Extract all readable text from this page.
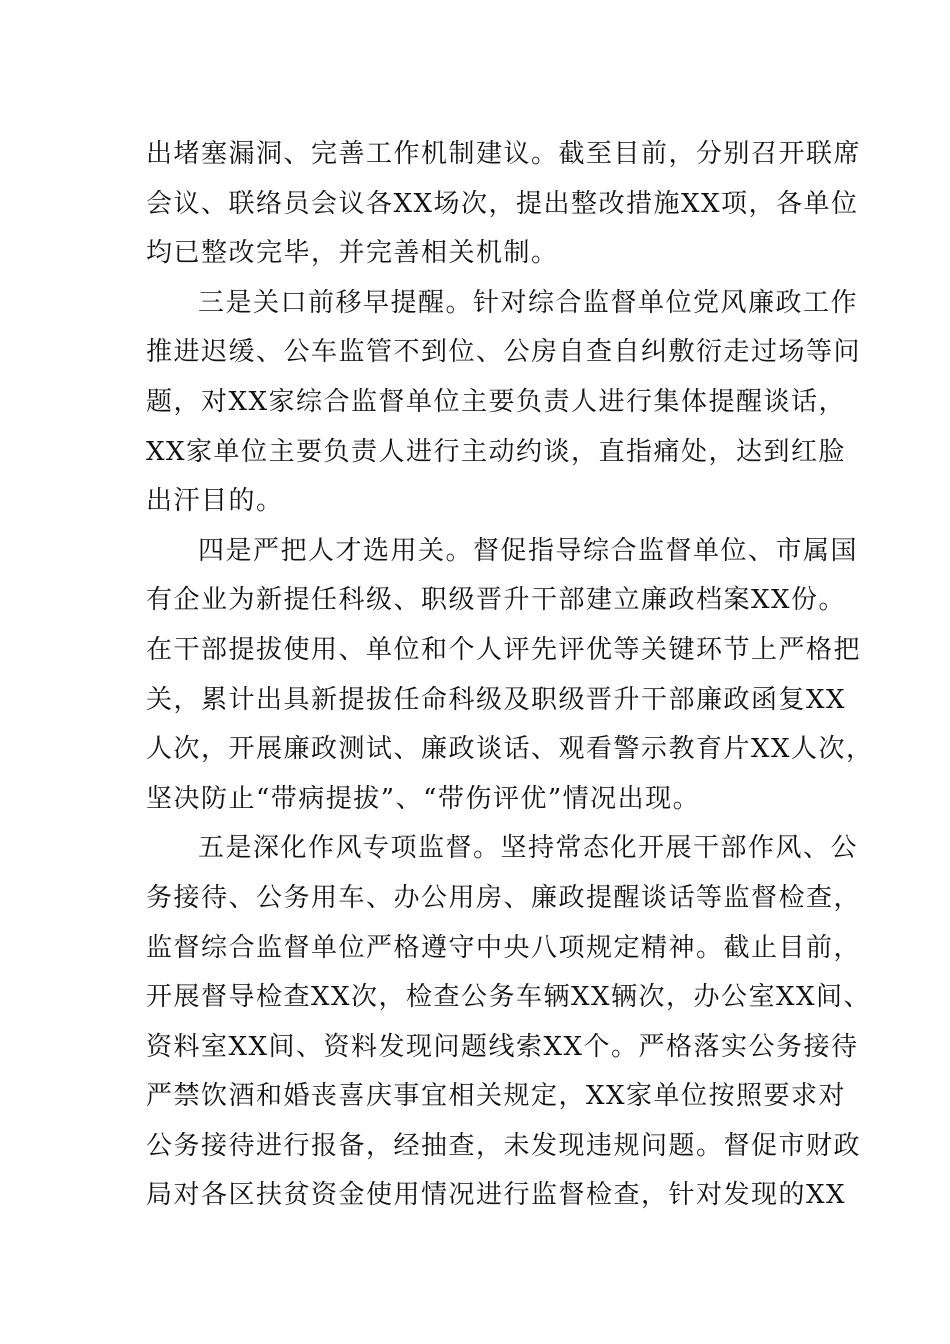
出堵塞漏洞、完善工作机制建议。截至目前，分别召开联席
会议、联络员会议各XX场次，提出整改措施XX项，各单位
均已整改完毕，并完善相关机制。
三是关口前移早提醒。针对综合监督单位党风廉政工作
推进迟缓、公车监管不到位、公房自查自纠敷衍走过场等问
题，对XX家综合监督单位主要负责人进行集体提醒谈话，
XX家单位主要负责人进行主动约谈，直指痛处，达到红脸
出汗目的。
四是严把人才选用关。督促指导综合监督单位、市属国
有企业为新提任科级、职级晋升干部建立廉政档案XX份。
在干部提拔使用、单位和个人评先评优等关键环节上严格把
关，累计出具新提拔任命科级及职级晋升干部廉政函复XX
人次，开展廉政测试、廉政谈话、观看警示教育片XX人次，
坚决防止“带病提拔”、“带伤评优”情况出现。
五是深化作风专项监督。坚持常态化开展干部作风、公
务接待、公务用车、办公用房、廉政提醒谈话等监督检查，
监督综合监督单位严格遵守中央八项规定精神。截止目前，
开展督导检查XX次，检查公务车辆XX辆次，办公室XX间、
资料室XX间、资料发现问题线索XX个。严格落实公务接待
严禁饮酒和婚丧喜庆事宜相关规定，XX家单位按照要求对
公务接待进行报备，经抽查，未发现违规问题。督促市财政
局对各区扶贫资金使用情况进行监督检查，针对发现的XX
